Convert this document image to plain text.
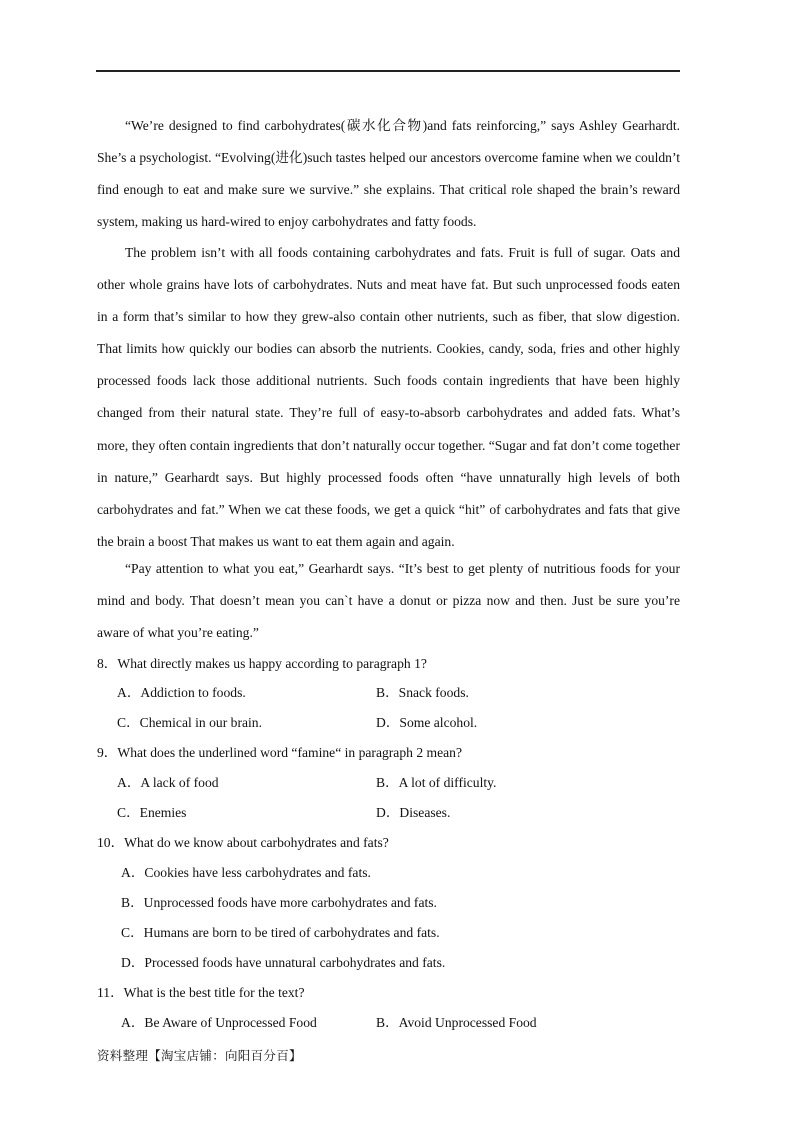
“We’re designed to find carbohydrates(碳水化合物)and fats reinforcing,” says Ashley Gearhardt. She’s a psychologist. “Evolving(进化)such tastes helped our ancestors overcome famine when we couldn’t find enough to eat and make sure we survive.” she explains. That critical role shaped the brain’s reward system, making us hard-wired to enjoy carbohydrates and fatty foods.

The problem isn’t with all foods containing carbohydrates and fats. Fruit is full of sugar. Oats and other whole grains have lots of carbohydrates. Nuts and meat have fat. But such unprocessed foods eaten in a form that’s similar to how they grew-also contain other nutrients, such as fiber, that slow digestion. That limits how quickly our bodies can absorb the nutrients. Cookies, candy, soda, fries and other highly processed foods lack those additional nutrients. Such foods contain ingredients that have been highly changed from their natural state. They’re full of easy-to-absorb carbohydrates and added fats. What’s more, they often contain ingredients that don’t naturally occur together. “Sugar and fat don’t come together in nature,” Gearhardt says. But highly processed foods often “have unnaturally high levels of both carbohydrates and fat.” When we cat these foods, we get a quick “hit” of carbohydrates and fats that give the brain a boost That makes us want to eat them again and again.

“Pay attention to what you eat,” Gearhardt says. “It’s best to get plenty of nutritious foods for your mind and body. That doesn’t mean you can`t have a donut or pizza now and then. Just be sure you’re aware of what you’re eating.”

8．What directly makes us happy according to paragraph 1?
A．Addiction to foods.	B．Snack foods.
C．Chemical in our brain.	D．Some alcohol.
9．What does the underlined word “famine“ in paragraph 2 mean?
A．A lack of food	B．A lot of difficulty.
C．Enemies	D．Diseases.
10．What do we know about carbohydrates and fats?
A．Cookies have less carbohydrates and fats.
B．Unprocessed foods have more carbohydrates and fats.
C．Humans are born to be tired of carbohydrates and fats.
D．Processed foods have unnatural carbohydrates and fats.
11．What is the best title for the text?
A．Be Aware of Unprocessed Food	B．Avoid Unprocessed Food
资料整理【淘宝店铺：向阳百分百】
